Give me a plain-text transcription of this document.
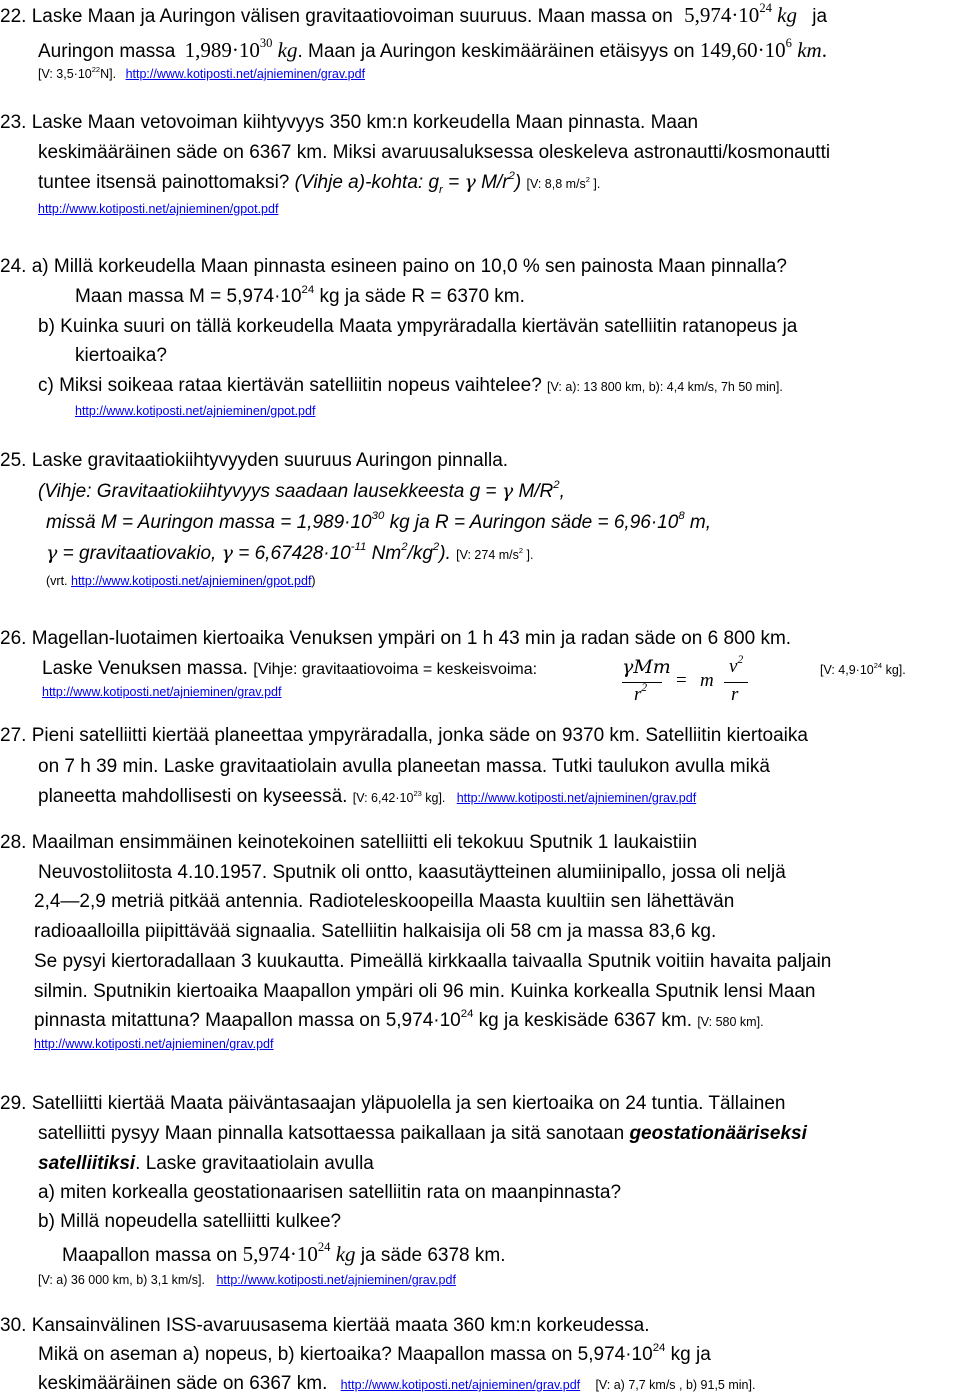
22. Laske Maan ja Auringon välisen gravitaatiovoiman suuruus. Maan massa on $5,974\cdot 10^{24}$ kg ja
Auringon massa $1,989\cdot 10^{30}$ kg. Maan ja Auringon keskimääräinen etäisyys on $149,60\cdot 10^6$ km.
[V: $3,5\cdot 10^{22}N$]. http://www.kotiposti.net/ajnieminen/grav.pdf
23. Laske Maan vetovoiman kiihtyvyys 350 km:n korkeudella Maan pinnasta. Maan
keskimääräinen säde on 6367 km. Miksi avaruusaluksessa oleskeleva astronautti/kosmonautti
tuntee itsensä painottomaksi? (Vihje a)-kohta: $g_r = \gamma$ $M/r^2$) [V: 8,8 $m/s^2$ ].
http://www.kotiposti.net/ajnieminen/gpot.pdf
24. a) Millä korkeudella Maan pinnasta esineen paino on 10,0 % sen painosta Maan pinnalla?
Maan massa $M = 5,974\cdot 10^{24}$ kg ja säde R = 6370 km.
b) Kuinka suuri on tällä korkeudella Maata ympyräradalla kiertävän satelliitin ratanopeus ja
kiertoaika?
c) Miksi soikeaa rataa kiertävän satelliitin nopeus vaihtelee? [V: a): 13 800 km, b): 4,4 km/s, 7h 50 min].
http://www.kotiposti.net/ajnieminen/gpot.pdf
25. Laske gravitaatiokiihtyvyyden suuruus Auringon pinnalla.
(Vihje: Gravitaatiokiihtyvyys saadaan lausekkeesta g = γ $M/R^2$,
missä M = Auringon massa = $1,989\cdot 10^{30}$ kg ja R = Auringon säde = $6,96\cdot 10^8$ m,
γ = gravitaatiovakio, $\gamma = 6,67428\cdot 10^{-11}$ $Nm^2/kg^2$). [V: 274 $m/s^2$ ].
(vrt. http://www.kotiposti.net/ajnieminen/gpot.pdf)
26. Magellan-luotaimen kiertoaika Venuksen ympäri on 1 h 43 min ja radan säde on 6 800 km.
Laske Venuksen massa. [Vihje: gravitaatiovoima = keskeisvoima:	γMm
$r^2 = m$
$v^2$
r
[V: $4,9\cdot 10^{24}$ kg].
http://www.kotiposti.net/ajnieminen/grav.pdf
27. Pieni satelliitti kiertää planeettaa ympyräradalla, jonka säde on 9370 km. Satelliitin kiertoaika
on 7 h 39 min. Laske gravitaatiolain avulla planeetan massa. Tutki taulukon avulla mikä
planeetta mahdollisesti on kyseessä. [V: $6,42\cdot 10^{23}$ kg]. http://www.kotiposti.net/ajnieminen/grav.pdf
28. Maailman ensimmäinen keinotekoinen satelliitti eli tekokuu Sputnik 1 laukaistiin
Neuvostoliitosta 4.10.1957. Sputnik oli ontto, kaasutäytteinen alumiinipallo, jossa oli neljä
2,4—2,9 metriä pitkää antennia. Radioteleskoopeilla Maasta kuultiin sen lähettävän
radioaalloilla piipittävää signaalia. Satelliitin halkaisija oli 58 cm ja massa 83,6 kg.
Se pysyi kiertoradallaan 3 kuukautta. Pimeällä kirkkaalla taivaalla Sputnik voitiin havaita paljain
silmin. Sputnikin kiertoaika Maapallon ympäri oli 96 min. Kuinka korkealla Sputnik lensi Maan
pinnasta mitattuna? Maapallon massa on $5,974\cdot 10^{24}$ kg ja keskisäde 6367 km. [V: 580 km].
http://www.kotiposti.net/ajnieminen/grav.pdf
29. Satelliitti kiertää Maata päiväntasaajan yläpuolella ja sen kiertoaika on 24 tuntia. Tällainen
satelliitti pysyy Maan pinnalla katsottaessa paikallaan ja sitä sanotaan geostationääriseksi
satelliitiksi. Laske gravitaatiolain avulla
a) miten korkealla geostationaarisen satelliitin rata on maanpinnasta?
b) Millä nopeudella satelliitti kulkee?
Maapallon massa on $5,974\cdot 10^{24}$ kg ja säde 6378 km.
[V: a) 36 000 km, b) 3,1 km/s]. http://www.kotiposti.net/ajnieminen/grav.pdf
30. Kansainvälinen ISS-avaruusasema kiertää maata 360 km:n korkeudessa.
Mikä on aseman a) nopeus, b) kiertoaika? Maapallon massa on $5,974\cdot 10^{24}$ kg ja
keskimääräinen säde on 6367 km. http://www.kotiposti.net/ajnieminen/grav.pdf [V: a) 7,7 km/s , b) 91,5 min].
